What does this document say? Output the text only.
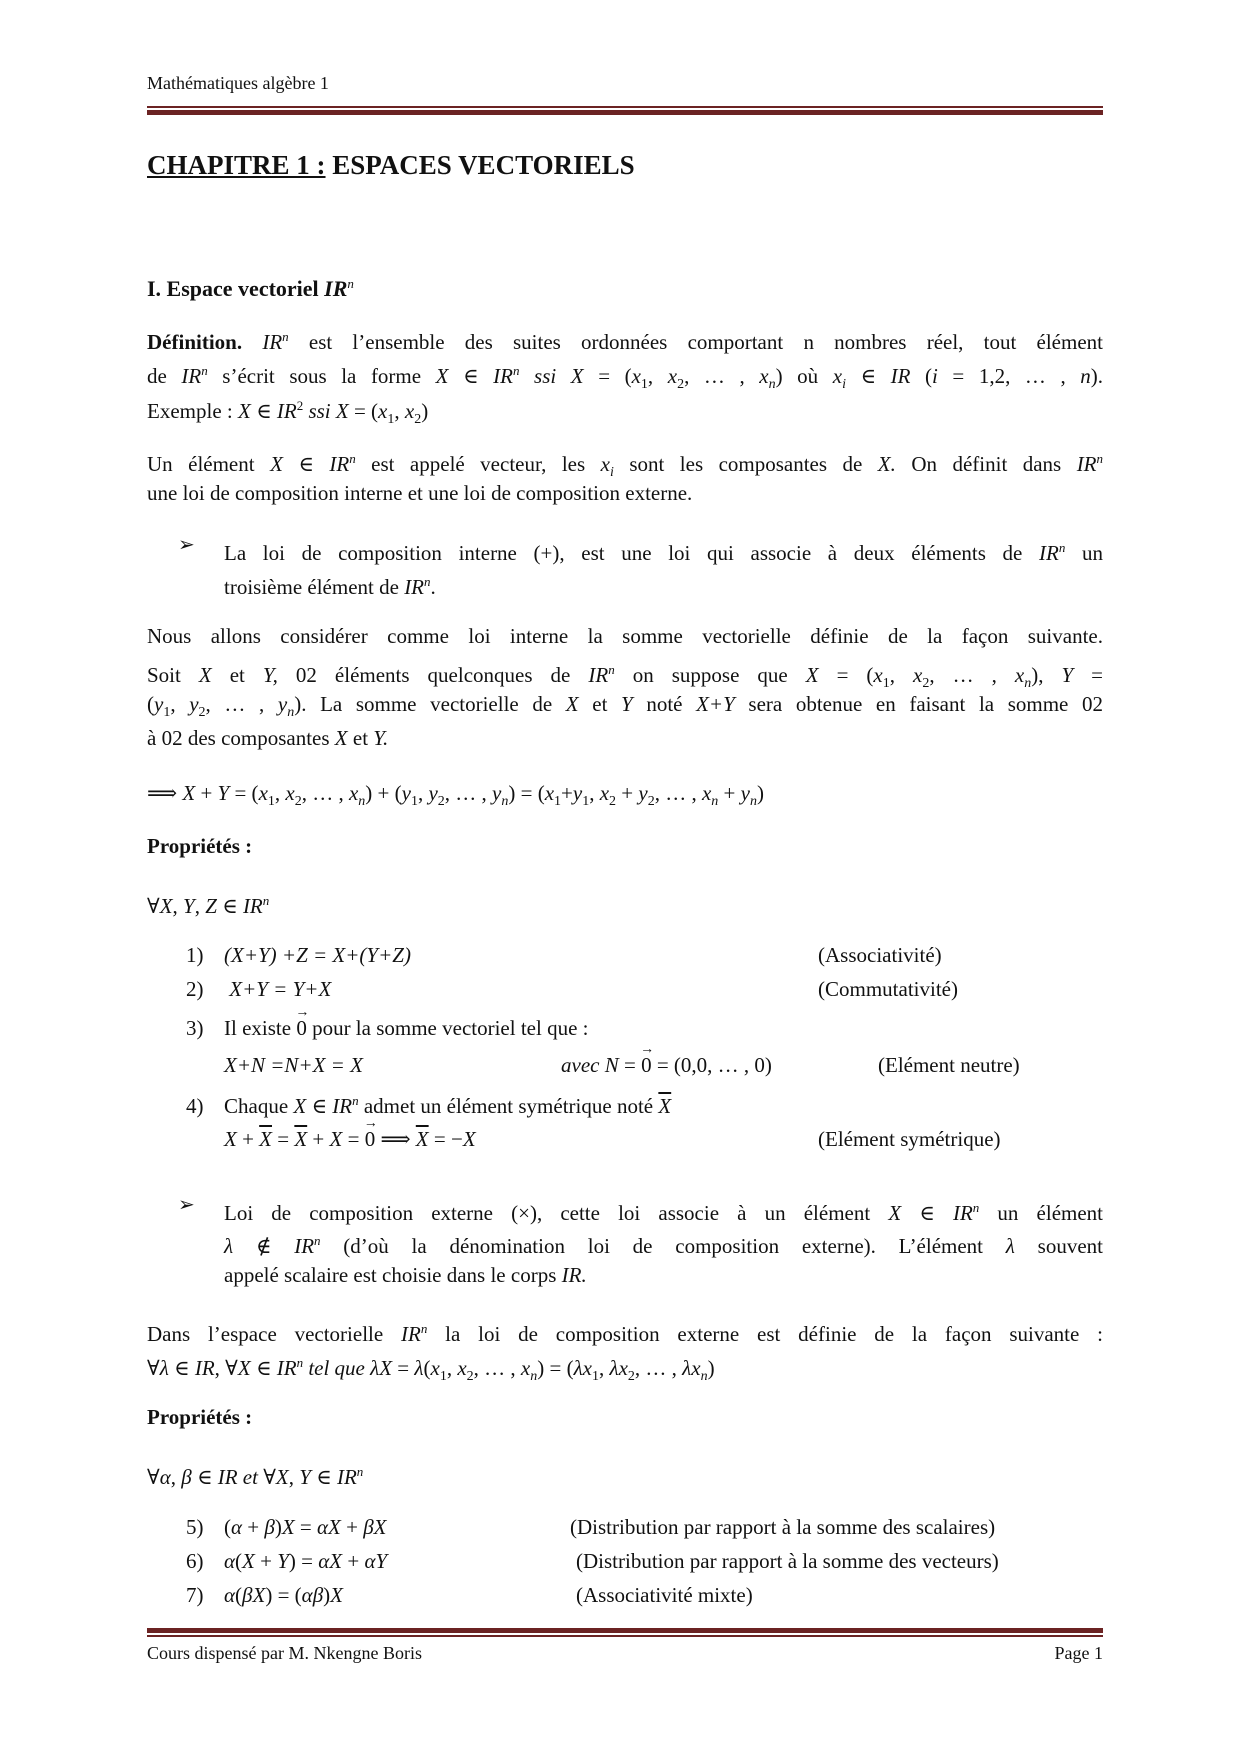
Mathématiques algèbre 1
CHAPITRE 1 : ESPACES VECTORIELS
I. Espace vectoriel $IR^n$
Définition. $IR^n$ est l’ensemble des suites ordonnées comportant n nombres réel, tout élément
de $IR^n$ s’écrit sous la forme X ∈ $IR^n$ ssi $X = (x_1$, $x_2$, … , $x_n$) où $x_i$ ∈ IR (i = 1,2, … , n).
Exemple : X ∈ $IR^2$ ssi $X = (x_1$, $x_2$)
Un élément X ∈ $IR^n$ est appelé vecteur, les $x_i$ sont les composantes de X. On définit dans $IR^n$
une loi de composition interne et une loi de composition externe.
La loi de composition interne (+), est une loi qui associe à deux éléments de $IR^n$ un
troisième élément de $IR^n$.
Nous allons considérer comme loi interne la somme vectorielle définie de la façon suivante.
Soit X et Y, 02 éléments quelconques de $IR^n$ on suppose que $X = (x_1$, $x_2$, … , $x_n$), Y =
($y_1$, $y_2$, … , $y_n$). La somme vectorielle de X et Y noté X+Y sera obtenue en faisant la somme 02
à 02 des composantes X et Y.
⟹ $X + Y = (x_1$, $x_2$, … , $x_n) + (y_1$, $y_2$, … , $y_n) = (x_1+y_1$, $x_2 + y_2$, … , $x_n + y_n$)
Propriétés :
∀X, Y, Z ∈ $IR^n$
1) (X+Y) +Z = X+(Y+Z)	(Associativité)
2) X+Y = Y+X	(Commutativité)
3) Il existe → 0 pour la somme vectoriel tel que :
X+N =N+X = X	avec N = → 0 = (0,0, … , 0)	(Elément neutre)
4) Chaque X ∈ $IR^n$ admet un élément symétrique noté $\overline{X}$
$X + \overline{X} = \overline{X} + X$ = → 0 ⟹ $\overline{X} = -X$	(Elément symétrique)
Loi de composition externe (×), cette loi associe à un élément X ∈ $IR^n$ un élément
λ ∉ $IR^n$ (d’où la dénomination loi de composition externe). L’élément λ souvent
appelé scalaire est choisie dans le corps IR.
Dans l’espace vectorielle $IR^n$ la loi de composition externe est définie de la façon suivante :
∀λ ∈ IR, ∀X ∈ $IR^n$ tel que $\lambda X = \lambda(x_1$, $x_2$, … , $x_n) = (\lambda x_1$, $\lambda x_2$, … , $\lambda x_n$)
Propriétés :
∀α, β ∈ IR et ∀X, Y ∈ $IR^n$
5) (α + β)X = αX + βX	(Distribution par rapport à la somme des scalaires)
6) α(X + Y) = αX + αY	(Distribution par rapport à la somme des vecteurs)
7) α(βX) = (αβ)X	(Associativité mixte)
➢
➢
Cours dispensé par M. Nkengne Boris	Page 1
